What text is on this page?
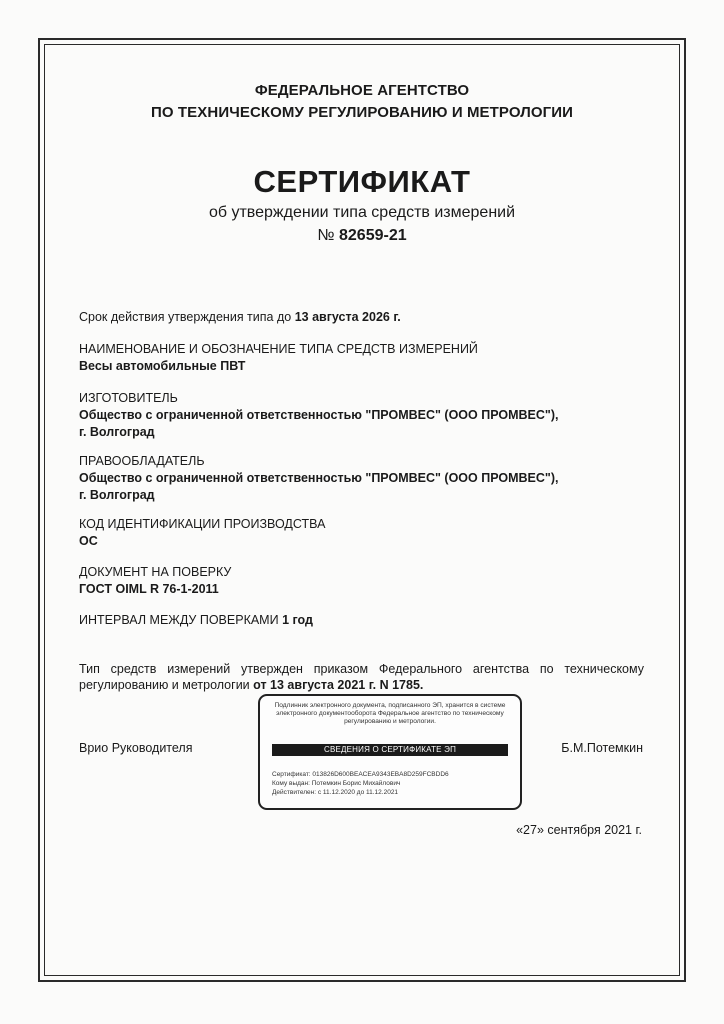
ФЕДЕРАЛЬНОЕ АГЕНТСТВО
ПО ТЕХНИЧЕСКОМУ РЕГУЛИРОВАНИЮ И МЕТРОЛОГИИ
СЕРТИФИКАТ
об утверждении типа средств измерений
№ 82659-21
Срок действия утверждения типа до 13 августа 2026 г.
НАИМЕНОВАНИЕ И ОБОЗНАЧЕНИЕ ТИПА СРЕДСТВ ИЗМЕРЕНИЙ
Весы автомобильные ПВТ
ИЗГОТОВИТЕЛЬ
Общество с ограниченной ответственностью "ПРОМВЕС" (ООО ПРОМВЕС"),
г. Волгоград
ПРАВООБЛАДАТЕЛЬ
Общество с ограниченной ответственностью "ПРОМВЕС" (ООО ПРОМВЕС"),
г. Волгоград
КОД ИДЕНТИФИКАЦИИ ПРОИЗВОДСТВА
ОС
ДОКУМЕНТ НА ПОВЕРКУ
ГОСТ OIML R 76-1-2011
ИНТЕРВАЛ МЕЖДУ ПОВЕРКАМИ 1 год
Тип средств измерений утвержден приказом Федерального агентства по техническому регулированию и метрологии от 13 августа 2021 г. N 1785.
Врио Руководителя	Б.М.Потемкин
Подлинник электронного документа, подписанного ЭП, хранится в системе электронного документооборота Федеральное агентство по техническому регулированию и метрологии.
СВЕДЕНИЯ О СЕРТИФИКАТЕ ЭП
Сертификат: 013826D600BEACEA9343EBA8D259FCBDD6
Кому выдан: Потемкин Борис Михайлович
Действителен: с 11.12.2020 до 11.12.2021
«27» сентября 2021 г.
